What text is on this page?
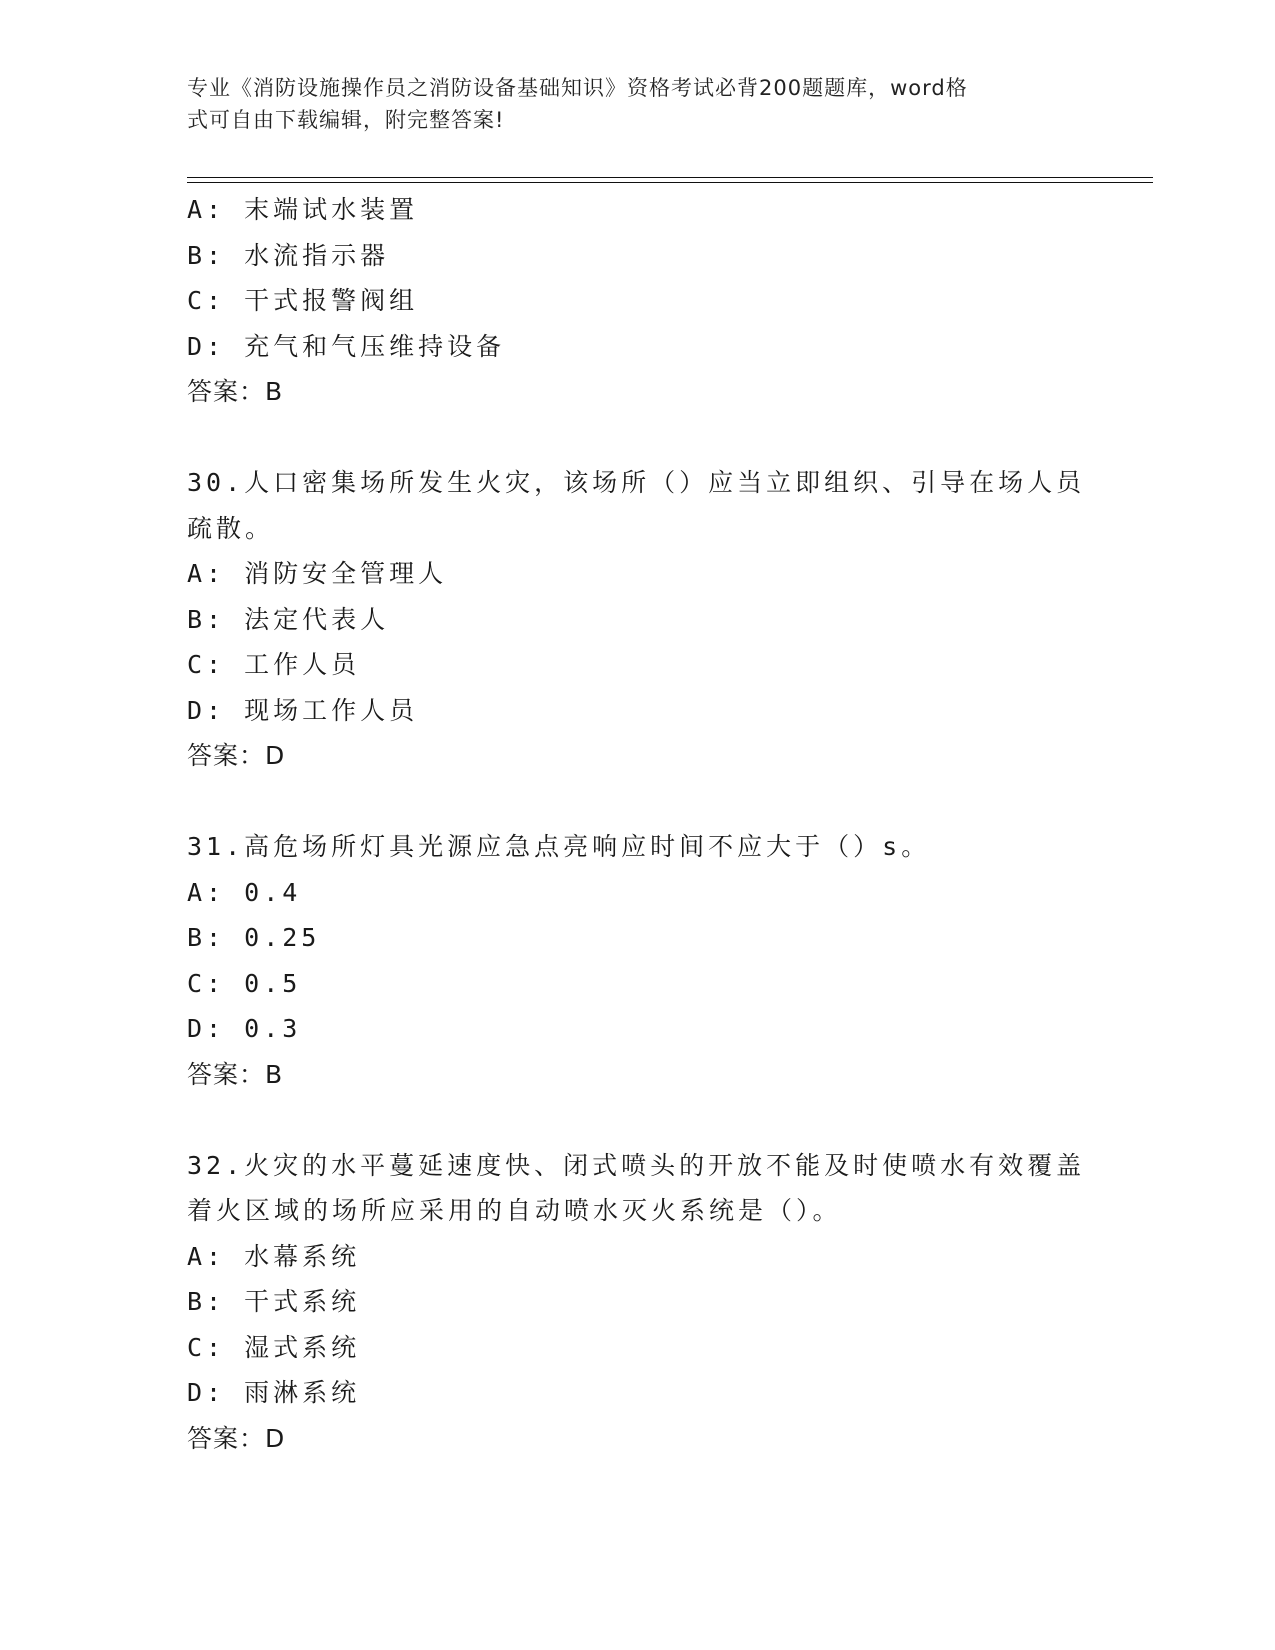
专业《消防设施操作员之消防设备基础知识》资格考试必背200题题库，word格
式可自由下载编辑，附完整答案!
A: 末端试水装置
B: 水流指示器
C: 干式报警阀组
D: 充气和气压维持设备
答案：B
30.人口密集场所发生火灾，该场所（）应当立即组织、引导在场人员
疏散。
A: 消防安全管理人
B: 法定代表人
C: 工作人员
D: 现场工作人员
答案：D
31.高危场所灯具光源应急点亮响应时间不应大于（）s。
A: 0.4
B: 0.25
C: 0.5
D: 0.3
答案：B
32.火灾的水平蔓延速度快、闭式喷头的开放不能及时使喷水有效覆盖
着火区域的场所应采用的自动喷水灭火系统是（）。
A: 水幕系统
B: 干式系统
C: 湿式系统
D: 雨淋系统
答案：D
